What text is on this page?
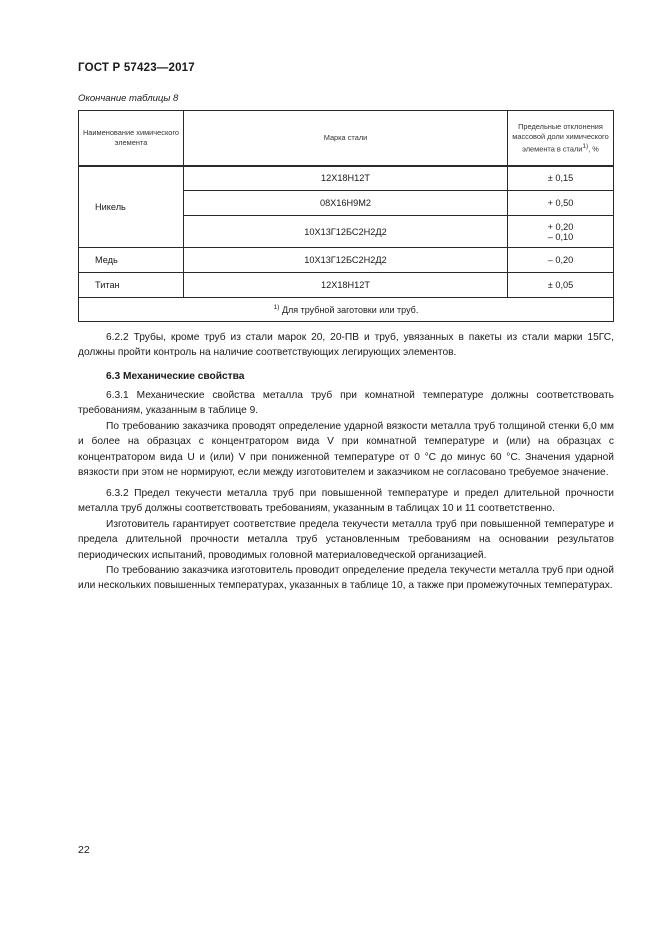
ГОСТ Р 57423—2017
Окончание таблицы 8
Наименование химического элемента	Марка стали	Предельные отклонения массовой доли химического элемента в стали$^{1)}$, %
Никель	12Х18Н12Т	± 0,15
	08Х16Н9М2	+ 0,50
	10Х13Г12БС2Н2Д2	+ 0,20
– 0,10

Медь	10Х13Г12БС2Н2Д2	– 0,20
Титан	12Х18Н12Т	± 0,05
$^{1)}$ Для трубной заготовки или труб.		
6.2.2 Трубы, кроме труб из стали марок 20, 20-ПВ и труб, увязанных в пакеты из стали марки 15ГС, должны пройти контроль на наличие соответствующих легирующих элементов.
6.3 Механические свойства
6.3.1 Механические свойства металла труб при комнатной температуре должны соответствовать требованиям, указанным в таблице 9.
По требованию заказчика проводят определение ударной вязкости металла труб толщиной стенки 6,0 мм и более на образцах с концентратором вида V при комнатной температуре и (или) на образцах с концентратором вида U и (или) V при пониженной температуре от 0 °С до минус 60 °С. Значения ударной вязкости при этом не нормируют, если между изготовителем и заказчиком не согласовано требуемое значение.
6.3.2 Предел текучести металла труб при повышенной температуре и предел длительной прочности металла труб должны соответствовать требованиям, указанным в таблицах 10 и 11 соответственно.
Изготовитель гарантирует соответствие предела текучести металла труб при повышенной температуре и предела длительной прочности металла труб установленным требованиям на основании результатов периодических испытаний, проводимых головной материаловедческой организацией.
По требованию заказчика изготовитель проводит определение предела текучести металла труб при одной или нескольких повышенных температурах, указанных в таблице 10, а также при промежуточных температурах.
22
